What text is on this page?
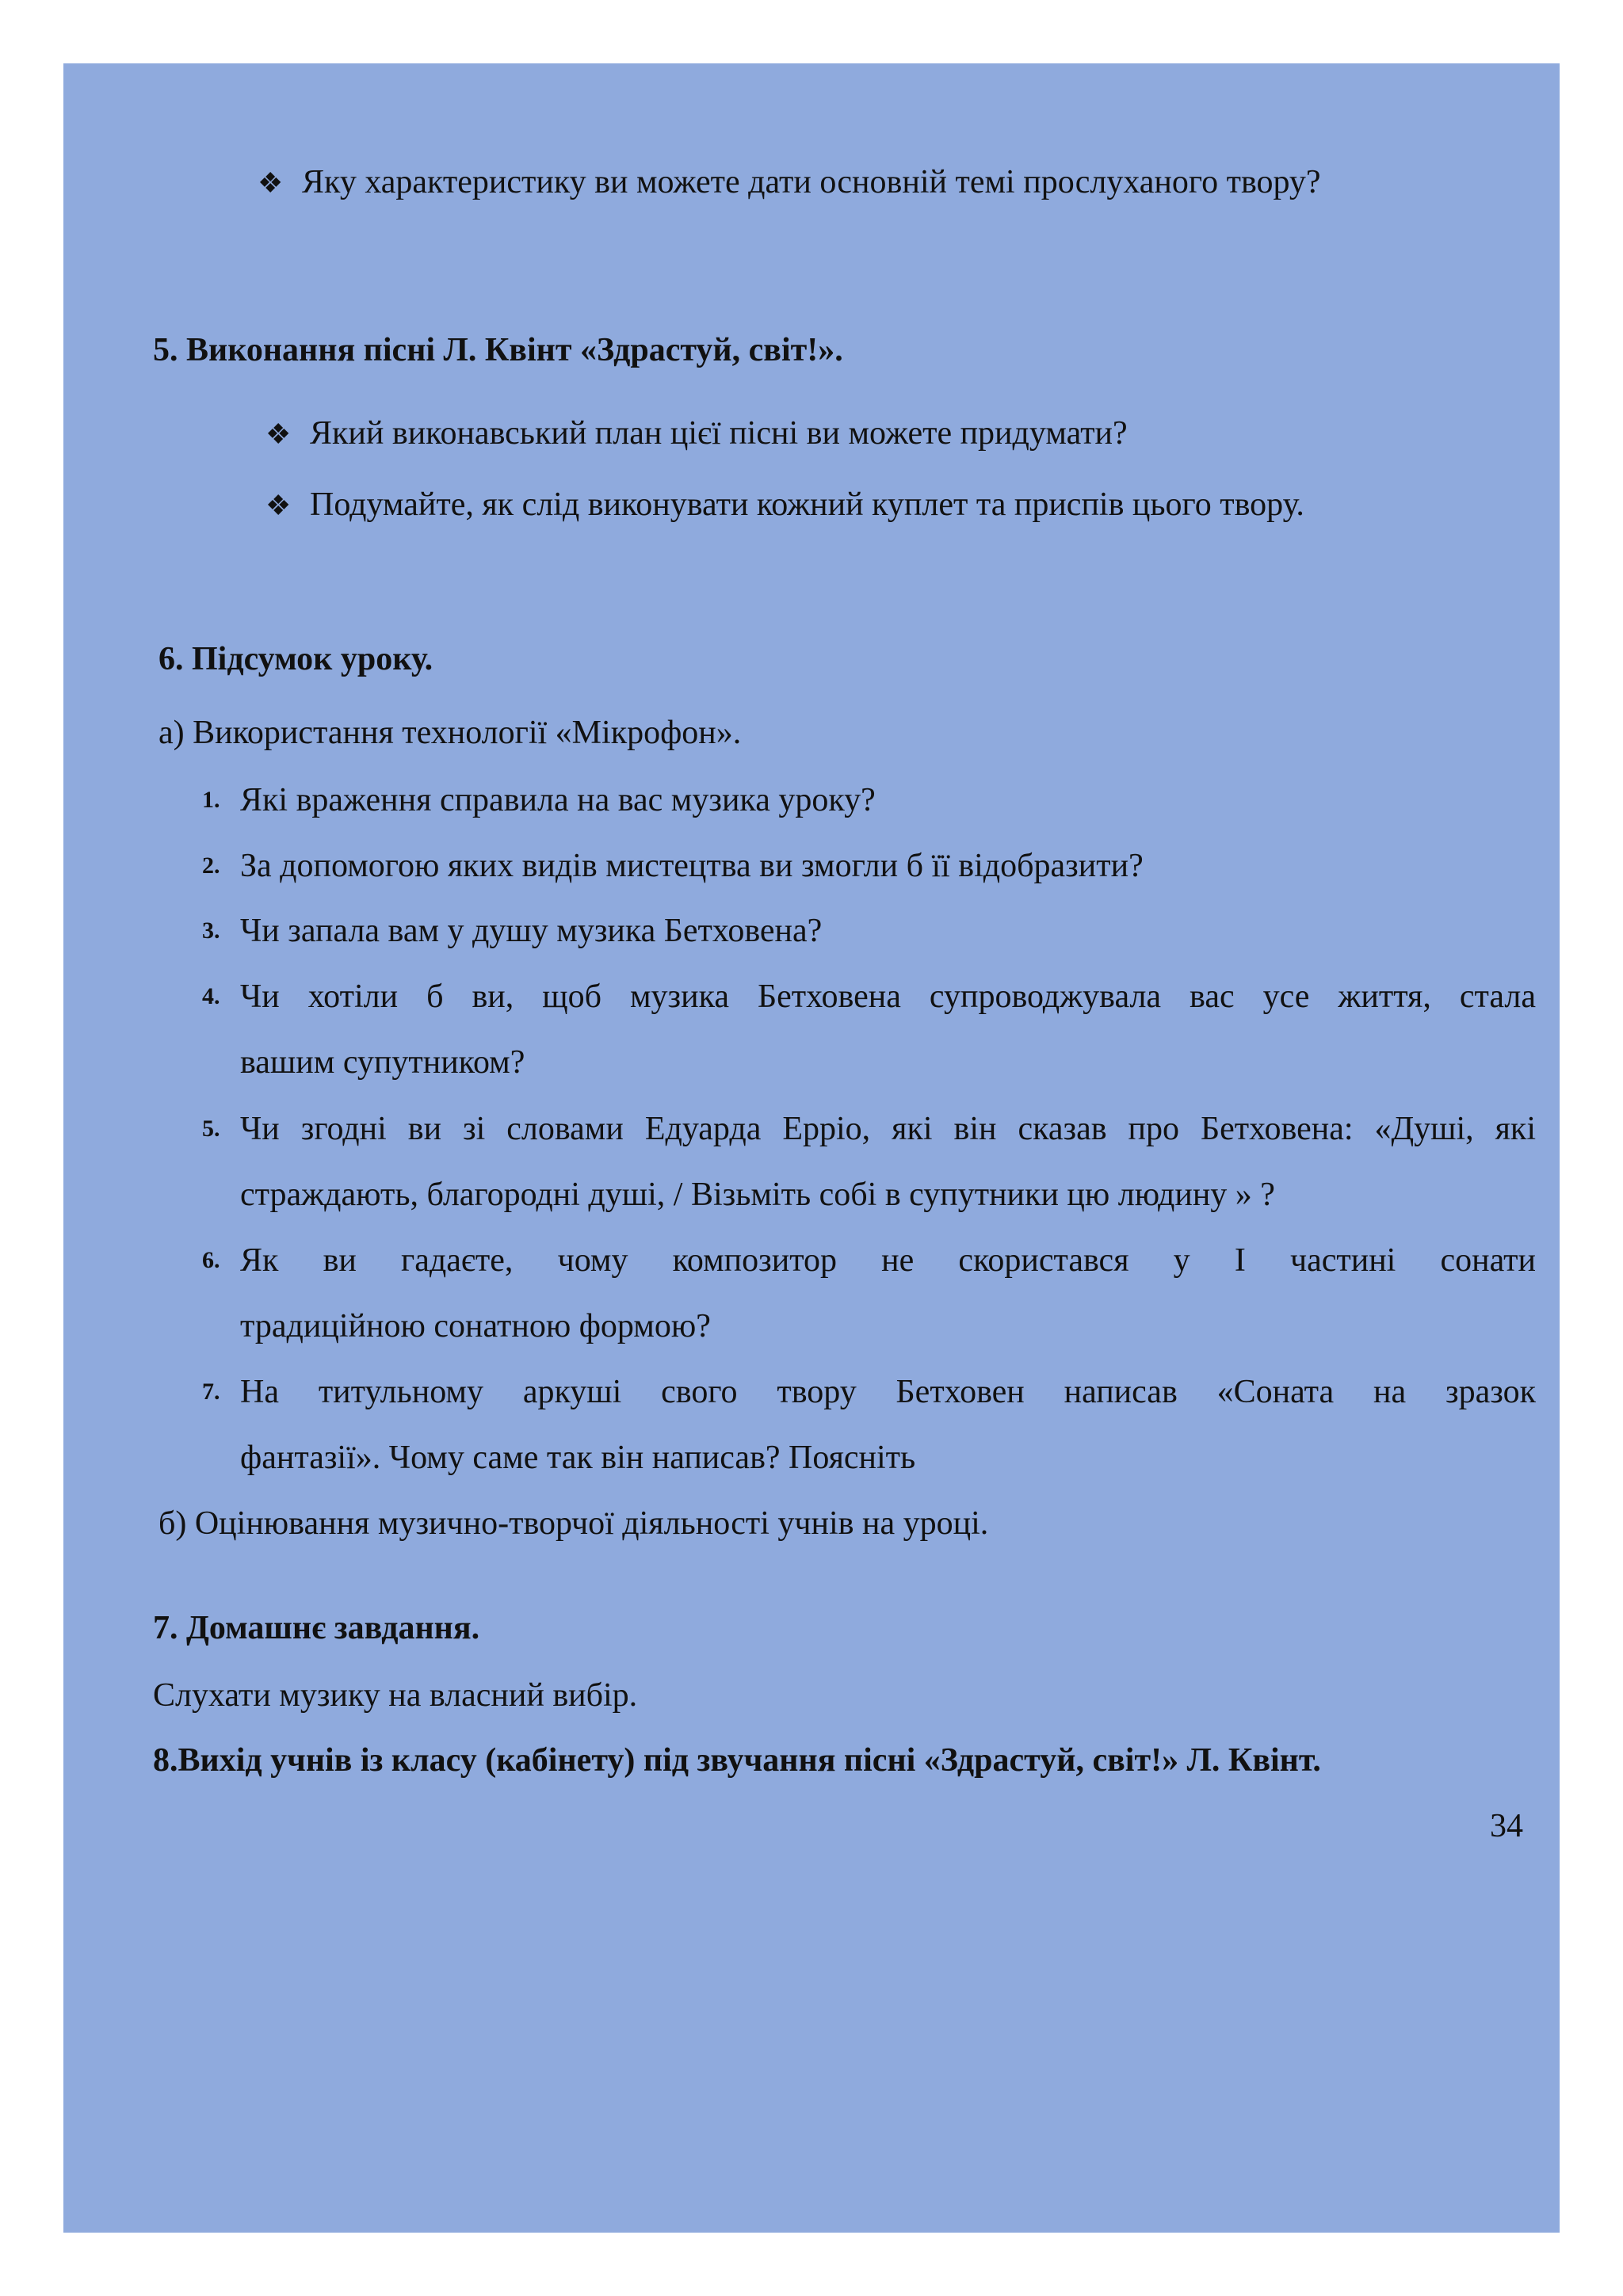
❖ Яку характеристику ви можете дати основній темі прослуханого твору?
5. Виконання пісні Л. Квінт «Здрастуй, світ!».
❖ Який виконавський план цієї пісні ви можете придумати?
❖ Подумайте, як слід виконувати кожний куплет та приспів цього твору.
6. Підсумок уроку.
а) Використання технології «Мікрофон».
1. Які враження справила на вас музика уроку?
2. За допомогою яких видів мистецтва ви змогли б її відобразити?
3. Чи запала вам у душу музика Бетховена?
4. Чи хотіли б ви, щоб музика Бетховена супроводжувала вас усе життя, стала
вашим супутником?
5. Чи згодні ви зі словами Едуарда Ерріо, які він сказав про Бетховена: «Душі, які
страждають, благородні душі, / Візьміть собі в супутники цю людину » ?
6. Як ви гадаєте, чому композитор не скористався у І частині сонати
традиційною сонатною формою?
7. На титульному аркуші свого твору Бетховен написав «Соната на зразок
фантазії». Чому саме так він написав? Поясніть
б) Оцінювання музично-творчої діяльності учнів на уроці.
7. Домашнє завдання.
Слухати музику на власний вибір.
8.Вихід учнів із класу (кабінету) під звучання пісні «Здрастуй, світ!» Л. Квінт.
34
